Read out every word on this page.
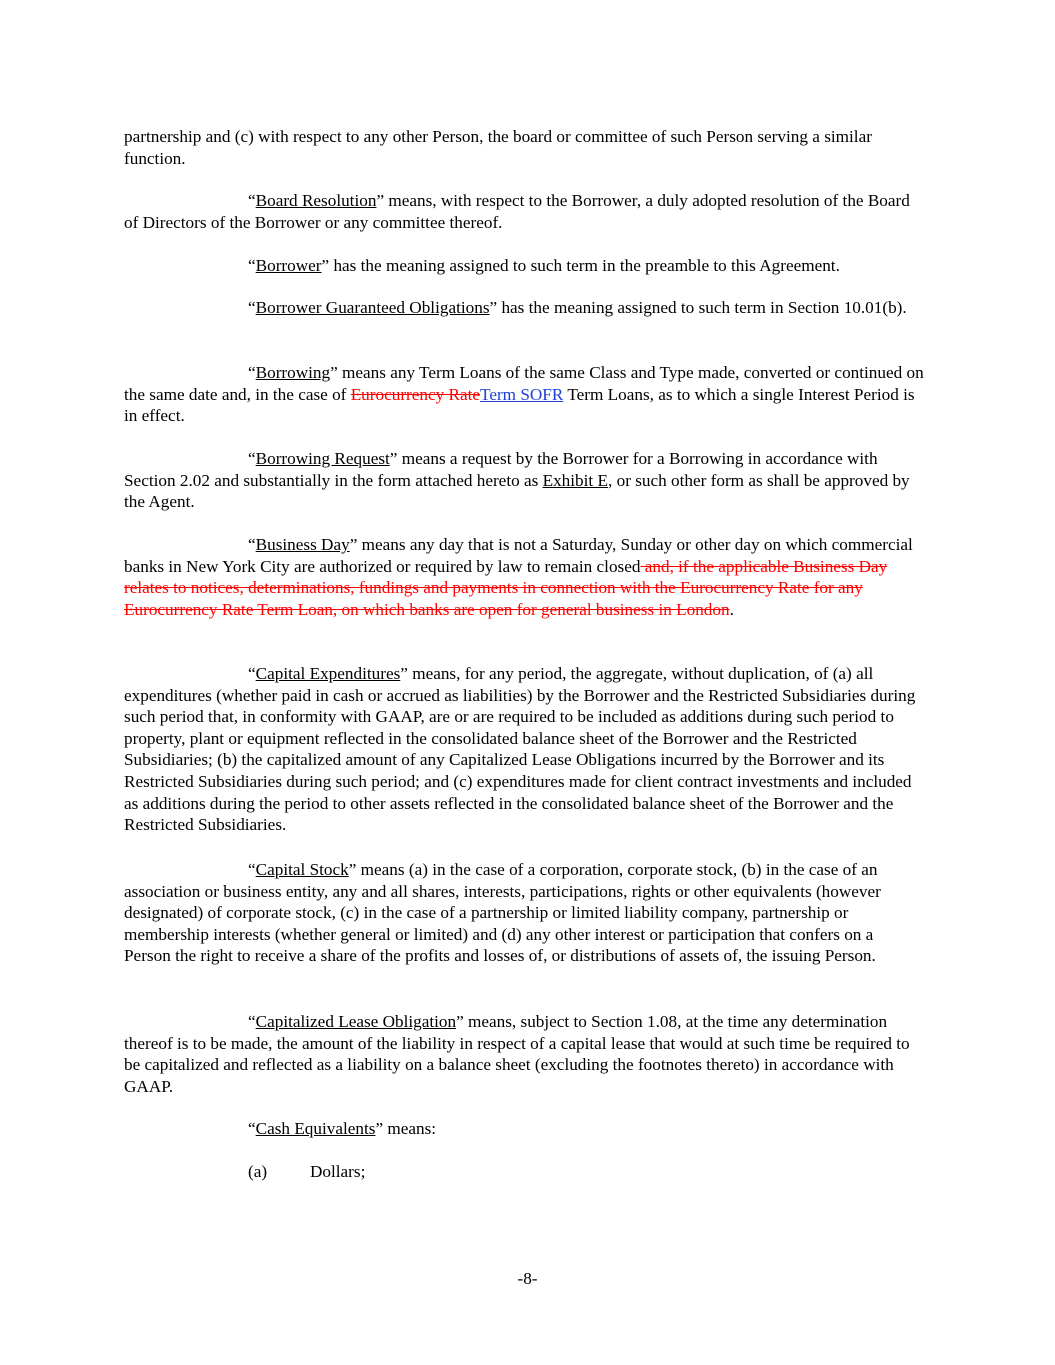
partnership and (c) with respect to any other Person, the board or committee of such Person serving a similar function.

“Board Resolution” means, with respect to the Borrower, a duly adopted resolution of the Board of Directors of the Borrower or any committee thereof.

“Borrower” has the meaning assigned to such term in the preamble to this Agreement.

“Borrower Guaranteed Obligations” has the meaning assigned to such term in Section 10.01(b).

“Borrowing” means any Term Loans of the same Class and Type made, converted or continued on the same date and, in the case of Eurocurrency RateTerm SOFR Term Loans, as to which a single Interest Period is in effect.

“Borrowing Request” means a request by the Borrower for a Borrowing in accordance with Section 2.02 and substantially in the form attached hereto as Exhibit E, or such other form as shall be approved by the Agent.

“Business Day” means any day that is not a Saturday, Sunday or other day on which commercial banks in New York City are authorized or required by law to remain closed and, if the applicable Business Day relates to notices, determinations, fundings and payments in connection with the Eurocurrency Rate for any Eurocurrency Rate Term Loan, on which banks are open for general business in London.

“Capital Expenditures” means, for any period, the aggregate, without duplication, of (a) all expenditures (whether paid in cash or accrued as liabilities) by the Borrower and the Restricted Subsidiaries during such period that, in conformity with GAAP, are or are required to be included as additions during such period to property, plant or equipment reflected in the consolidated balance sheet of the Borrower and the Restricted Subsidiaries; (b) the capitalized amount of any Capitalized Lease Obligations incurred by the Borrower and its Restricted Subsidiaries during such period; and (c) expenditures made for client contract investments and included as additions during the period to other assets reflected in the consolidated balance sheet of the Borrower and the Restricted Subsidiaries.

“Capital Stock” means (a) in the case of a corporation, corporate stock, (b) in the case of an association or business entity, any and all shares, interests, participations, rights or other equivalents (however designated) of corporate stock, (c) in the case of a partnership or limited liability company, partnership or membership interests (whether general or limited) and (d) any other interest or participation that confers on a Person the right to receive a share of the profits and losses of, or distributions of assets of, the issuing Person.

“Capitalized Lease Obligation” means, subject to Section 1.08, at the time any determination thereof is to be made, the amount of the liability in respect of a capital lease that would at such time be required to be capitalized and reflected as a liability on a balance sheet (excluding the footnotes thereto) in accordance with GAAP.

“Cash Equivalents” means:

(a) Dollars;
-8-
